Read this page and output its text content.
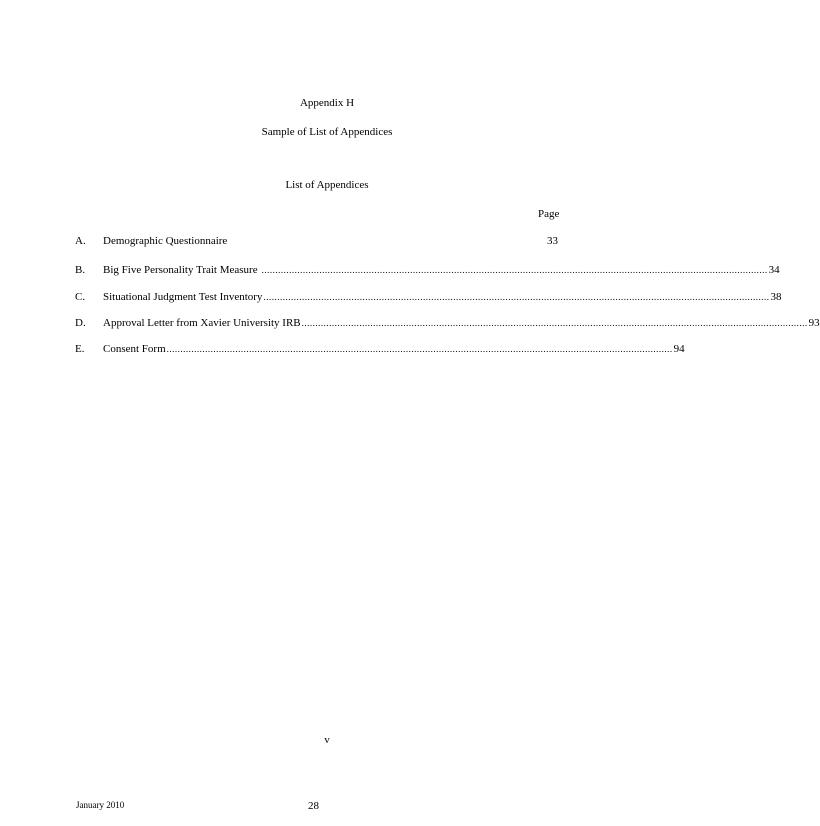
Appendix H
Sample of List of Appendices
List of Appendices
Page
A. Demographic Questionnaire	33
B. Big Five Personality Trait Measure ........................................................................................................................................................................................ 34
C. Situational Judgment Test Inventory ........................................................................................................................................................................................ 38
D. Approval Letter from Xavier University IRB ........................................................................................................................................................................................ 93
E. Consent Form ........................................................................................................................................................................................ 94
v
January 2010	28
